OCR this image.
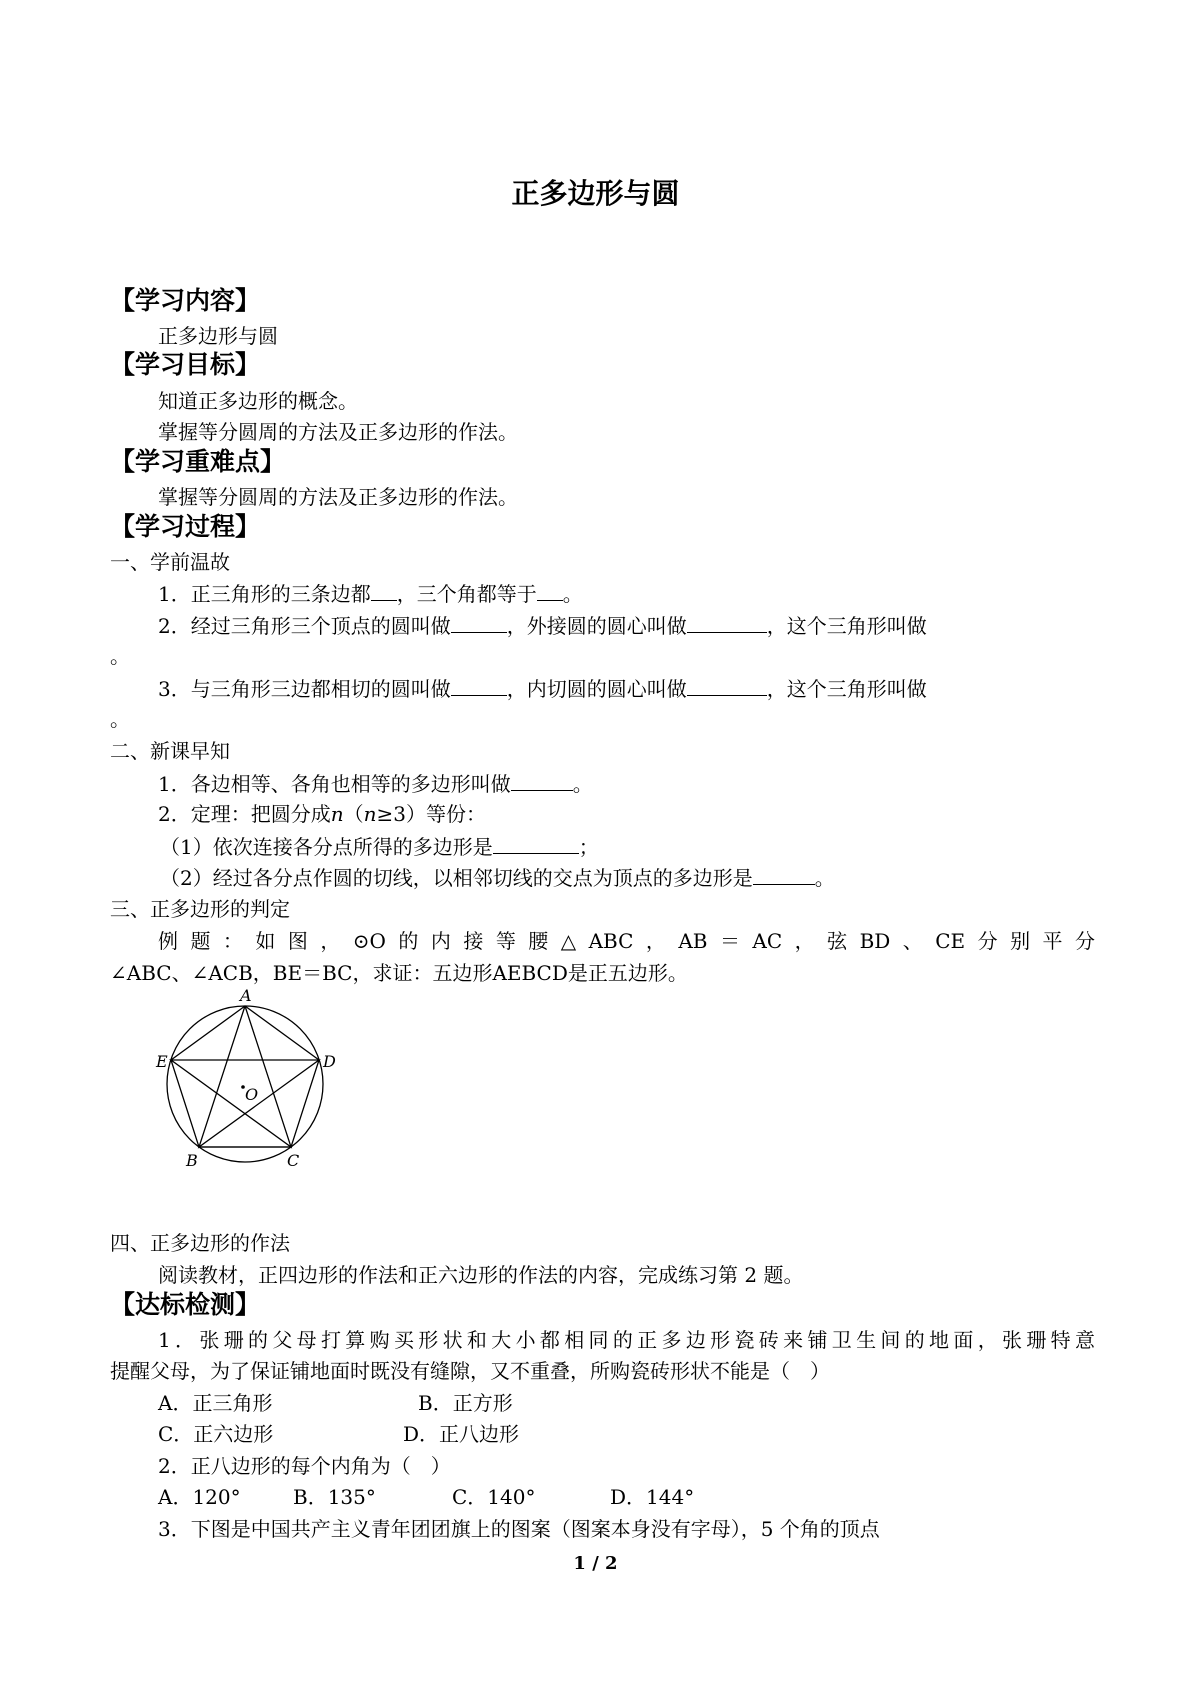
正多边形与圆
【学习内容】
正多边形与圆
【学习目标】
知道正多边形的概念。
掌握等分圆周的方法及正多边形的作法。
【学习重难点】
掌握等分圆周的方法及正多边形的作法。
【学习过程】
一、学前温故
1．正三角形的三条边都 ，三个角都等于 。
2．经过三角形三个顶点的圆叫做	，外接圆的圆心叫做	，这个三角形叫做
。
3．与三角形三边都相切的圆叫做	，内切圆的圆心叫做	，这个三角形叫做
。
二、新课早知
1．各边相等、各角也相等的多边形叫做	。
2．定理：把圆分成n（n≥3）等份：
（1）依次连接各分点所得的多边形是	；
（2）经过各分点作圆的切线，以相邻切线的交点为顶点的多边形是	。
三、正多边形的判定
例题：如图，⊙O的内接等腰△ABC，AB＝AC，弦BD、CE分别平分
∠ABC、∠ACB，BE＝BC，求证：五边形AEBCD是正五边形。
A
B	C
D
E
O
四、正多边形的作法
阅读教材，正四边形的作法和正六边形的作法的内容，完成练习第 2 题。
【达标检测】
1．张珊的父母打算购买形状和大小都相同的正多边形瓷砖来铺卫生间的地面，张珊特意
提醒父母，为了保证铺地面时既没有缝隙，又不重叠，所购瓷砖形状不能是（　）
A．正三角形	B．正方形
C．正六边形	D．正八边形
2．正八边形的每个内角为（　）
A．120°	B．135°	C．140°	D．144°
3．下图是中国共产主义青年团团旗上的图案（图案本身没有字母），5 个角的顶点
1 / 2
